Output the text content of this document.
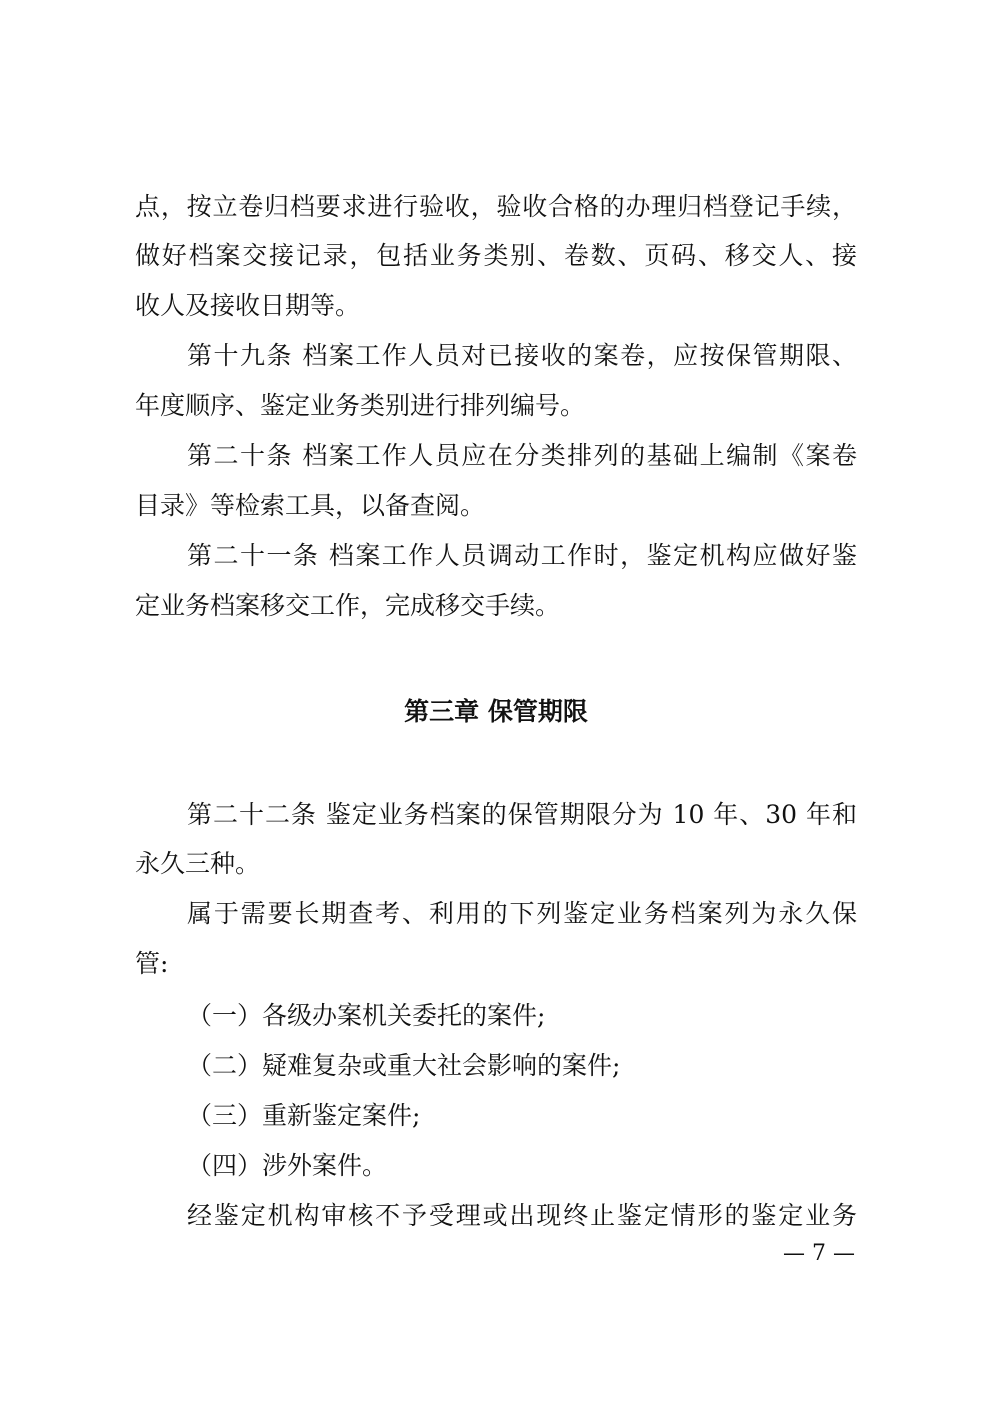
点，按立卷归档要求进行验收，验收合格的办理归档登记手续，
做好档案交接记录，包括业务类别、卷数、页码、移交人、接
收人及接收日期等。
第十九条 档案工作人员对已接收的案卷，应按保管期限、
年度顺序、鉴定业务类别进行排列编号。
第二十条 档案工作人员应在分类排列的基础上编制《案卷
目录》等检索工具，以备查阅。
第二十一条 档案工作人员调动工作时，鉴定机构应做好鉴
定业务档案移交工作，完成移交手续。
第三章 保管期限
第二十二条 鉴定业务档案的保管期限分为 10 年、30 年和
永久三种。
属于需要长期查考、利用的下列鉴定业务档案列为永久保
管:
（一）各级办案机关委托的案件;
（二）疑难复杂或重大社会影响的案件;
（三）重新鉴定案件;
（四）涉外案件。
经鉴定机构审核不予受理或出现终止鉴定情形的鉴定业务
— 7 —
